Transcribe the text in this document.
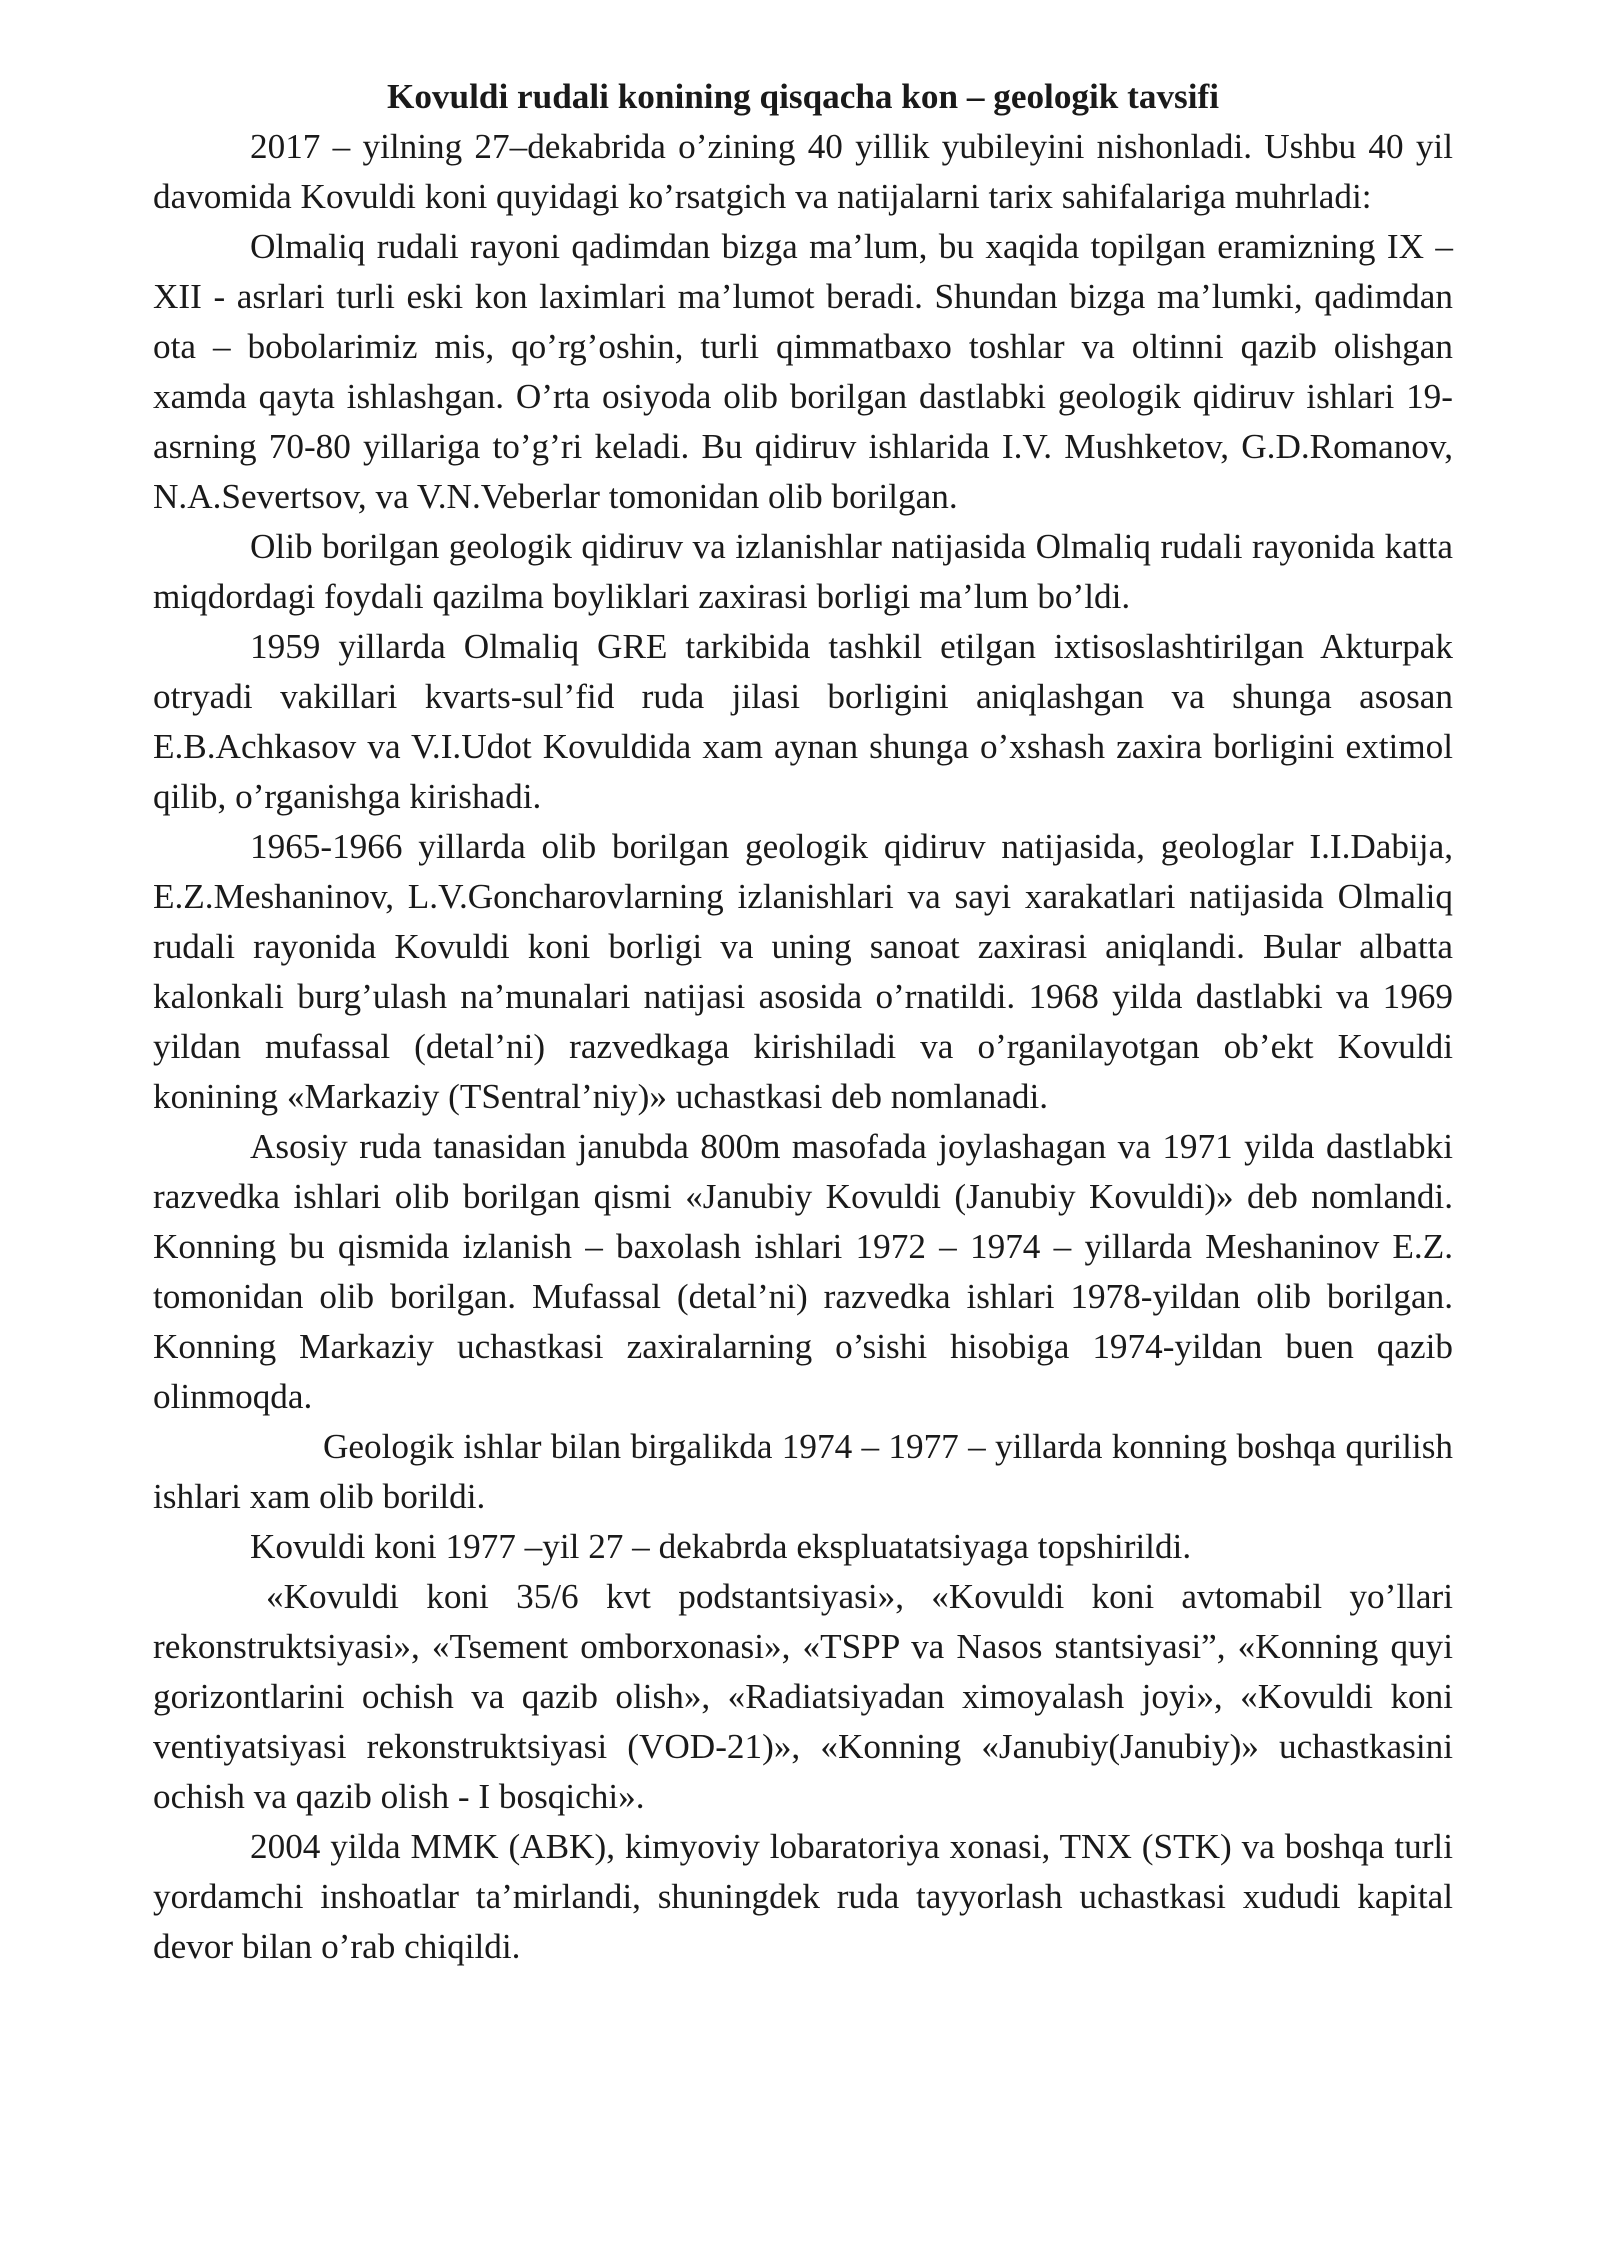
Kovuldi rudali konining qisqacha kon – geologik tavsifi

2017 – yilning 27–dekabrida o’zining 40 yillik yubileyini nishonladi. Ushbu 40 yil davomida Kovuldi koni quyidagi ko’rsatgich va natijalarni tarix sahifalariga muhrladi:

Olmaliq rudali rayoni qadimdan bizga ma’lum, bu xaqida topilgan eramizning IX – XII - asrlari turli eski kon laximlari ma’lumot beradi. Shundan bizga ma’lumki, qadimdan ota – bobolarimiz mis, qo’rg’oshin, turli qimmatbaxo toshlar va oltinni qazib olishgan xamda qayta ishlashgan. O’rta osiyoda olib borilgan dastlabki geologik qidiruv ishlari 19- asrning 70-80 yillariga to’g’ri keladi. Bu qidiruv ishlarida I.V. Mushketov, G.D.Romanov, N.A.Severtsov, va V.N.Veberlar tomonidan olib borilgan.

Olib borilgan geologik qidiruv va izlanishlar natijasida Olmaliq rudali rayonida katta miqdordagi foydali qazilma boyliklari zaxirasi borligi ma’lum bo’ldi.

1959 yillarda Olmaliq GRE tarkibida tashkil etilgan ixtisoslashtirilgan Akturpak otryadi vakillari kvarts-sul’fid ruda jilasi borligini aniqlashgan va shunga asosan E.B.Achkasov va V.I.Udot Kovuldida xam aynan shunga o’xshash zaxira borligini extimol qilib, o’rganishga kirishadi.

1965-1966 yillarda olib borilgan geologik qidiruv natijasida, geologlar I.I.Dabija, E.Z.Meshaninov, L.V.Goncharovlarning izlanishlari va sayi xarakatlari natijasida Olmaliq rudali rayonida Kovuldi koni borligi va uning sanoat zaxirasi aniqlandi. Bular albatta kalonkali burg’ulash na’munalari natijasi asosida o’rnatildi. 1968 yilda dastlabki va 1969 yildan mufassal (detal’ni) razvedkaga kirishiladi va o’rganilayotgan ob’ekt Kovuldi konining «Markaziy (TSentral’niy)» uchastkasi deb nomlanadi.

Asosiy ruda tanasidan janubda 800m masofada joylashagan va 1971 yilda dastlabki razvedka ishlari olib borilgan qismi «Janubiy Kovuldi (Janubiy Kovuldi)» deb nomlandi. Konning bu qismida izlanish – baxolash ishlari 1972 – 1974 – yillarda Meshaninov E.Z. tomonidan olib borilgan. Mufassal (detal’ni) razvedka ishlari 1978-yildan olib borilgan. Konning Markaziy uchastkasi zaxiralarning o’sishi hisobiga 1974-yildan buen qazib olinmoqda.

Geologik ishlar bilan birgalikda 1974 – 1977 – yillarda konning boshqa qurilish ishlari xam olib borildi.

Kovuldi koni 1977 –yil 27 – dekabrda ekspluatatsiyaga topshirildi.

«Kovuldi koni 35/6 kvt podstantsiyasi», «Kovuldi koni avtomabil yo’llari rekonstruktsiyasi», «Tsement omborxonasi», «TSPP va Nasos stantsiyasi”, «Konning quyi gorizontlarini ochish va qazib olish», «Radiatsiyadan ximoyalash joyi», «Kovuldi koni ventiyatsiyasi rekonstruktsiyasi (VOD-21)», «Konning «Janubiy(Janubiy)» uchastkasini ochish va qazib olish - I bosqichi».

2004 yilda MMK (ABK), kimyoviy lobaratoriya xonasi, TNX (STK) va boshqa turli yordamchi inshoatlar ta’mirlandi, shuningdek ruda tayyorlash uchastkasi xududi kapital devor bilan o’rab chiqildi.
